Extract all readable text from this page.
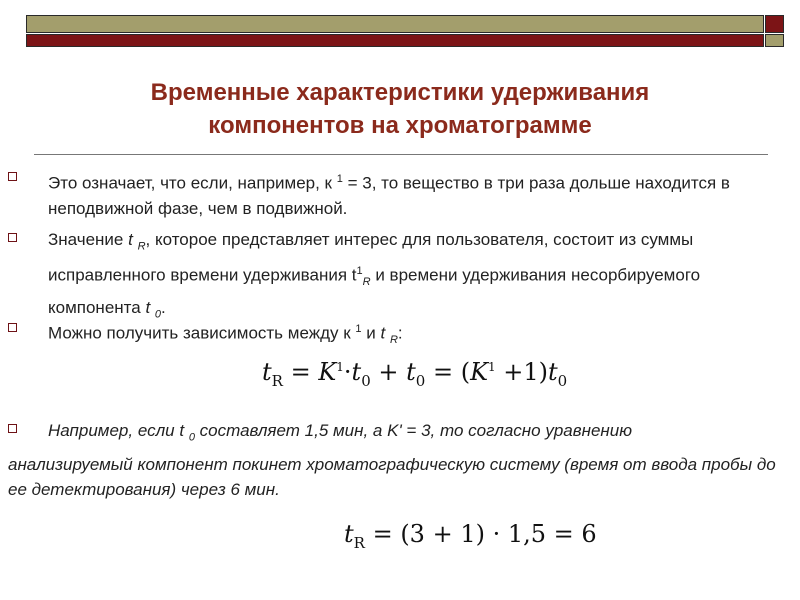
Временные характеристики удерживания
компонентов на хроматограмме
Это означает, что если, например, к $^1$ = 3, то вещество в три раза дольше находится в неподвижной фазе, чем в подвижной.
Значение t $_R$, которое представляет интерес для пользователя, состоит из суммы исправленного времени удерживания $t^1_R$ и времени удерживания несорбируемого компонента t $_0$.
Можно получить зависимость между к $^1$ и t $_R$:
$t_R = K^1\cdot t_0 + t_0 = (K^1 +1)t_0$
Например, если t $_0$ составляет 1,5 мин, а K' = 3, то согласно уравнению
анализируемый компонент покинет хроматографическую систему (время от ввода пробы до ее детектирования) через 6 мин.
$t_R = (3 + 1) \cdot 1,5 = 6$
